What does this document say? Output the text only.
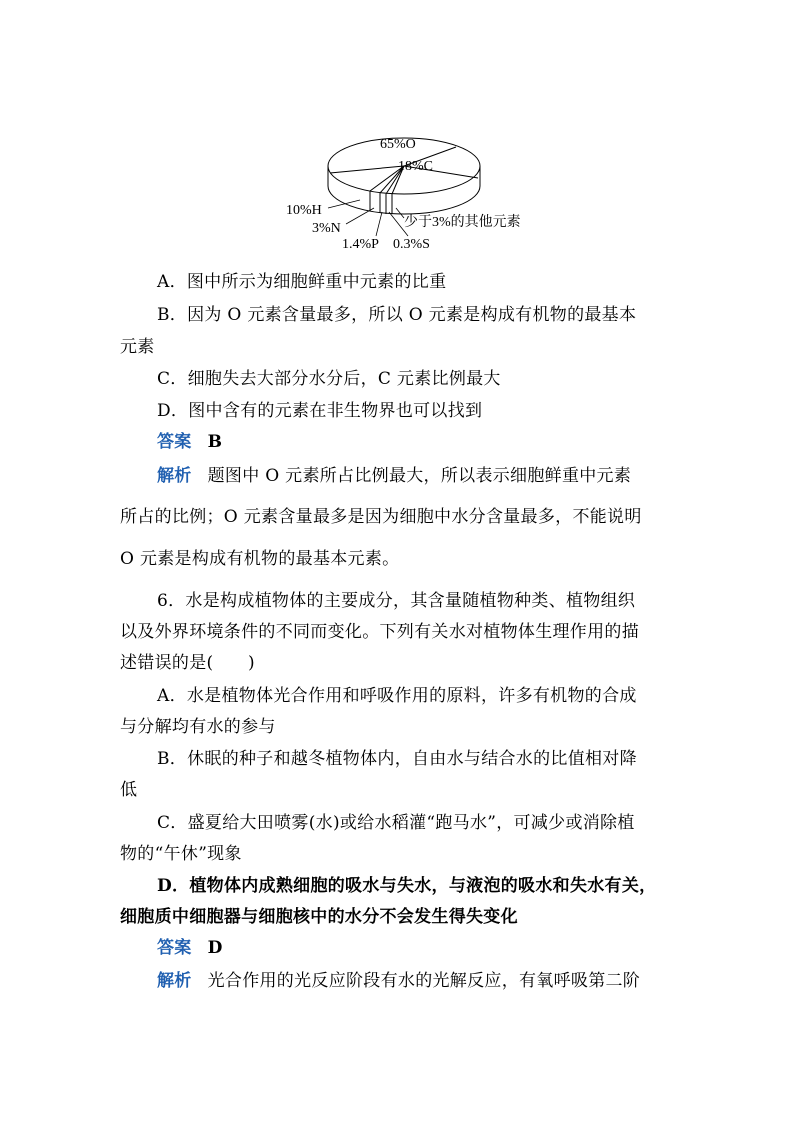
65%O
18%C
10%H
3%N
1.4%P 0.3%S
少于3%的其他元素
A．图中所示为细胞鲜重中元素的比重
B．因为 O 元素含量最多，所以 O 元素是构成有机物的最基本
元素
C．细胞失去大部分水分后，C 元素比例最大
D．图中含有的元素在非生物界也可以找到
答案 B
解析 题图中 O 元素所占比例最大，所以表示细胞鲜重中元素
所占的比例；O 元素含量最多是因为细胞中水分含量最多，不能说明
O 元素是构成有机物的最基本元素。
6．水是构成植物体的主要成分，其含量随植物种类、植物组织
以及外界环境条件的不同而变化。下列有关水对植物体生理作用的描
述错误的是(　　)
A．水是植物体光合作用和呼吸作用的原料，许多有机物的合成
与分解均有水的参与
B．休眠的种子和越冬植物体内，自由水与结合水的比值相对降
低
C．盛夏给大田喷雾(水)或给水稻灌“跑马水”，可减少或消除植
物的“午休”现象
D．植物体内成熟细胞的吸水与失水，与液泡的吸水和失水有关，
细胞质中细胞器与细胞核中的水分不会发生得失变化
答案 D
解析 光合作用的光反应阶段有水的光解反应，有氧呼吸第二阶
